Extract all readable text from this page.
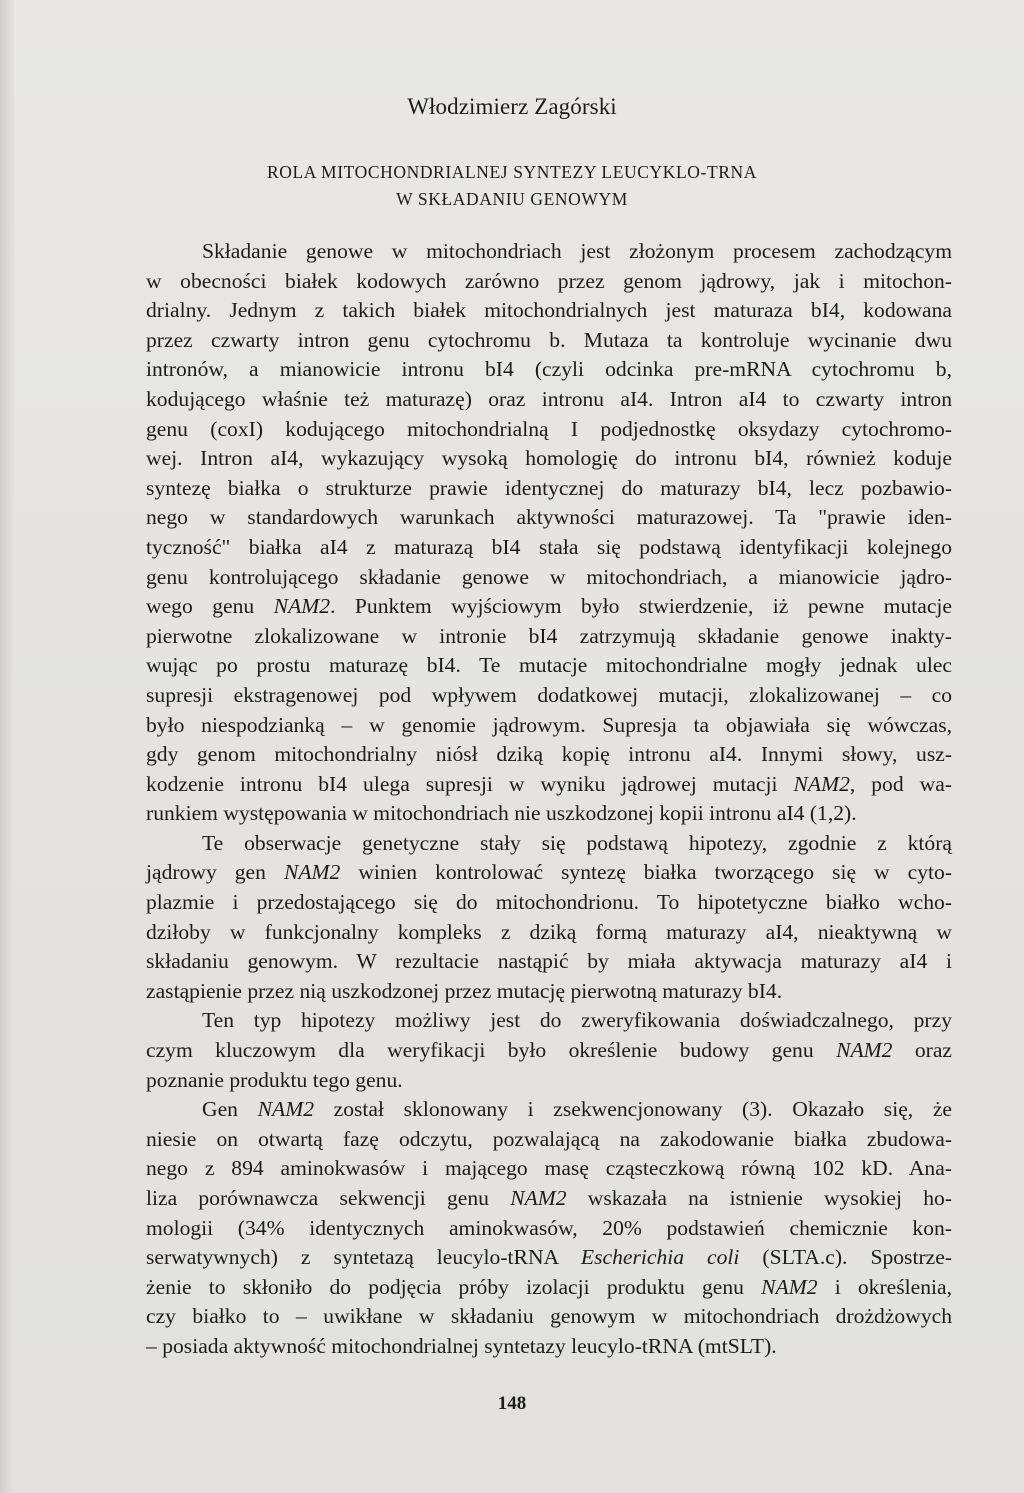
Włodzimierz Zagórski
ROLA MITOCHONDRIALNEJ SYNTEZY LEUCYKLO-TRNA
W SKŁADANIU GENOWYM
Składanie genowe w mitochondriach jest złożonym procesem zachodzącym
w obecności białek kodowych zarówno przez genom jądrowy, jak i mitochon-
drialny. Jednym z takich białek mitochondrialnych jest maturaza bI4, kodowana
przez czwarty intron genu cytochromu b. Mutaza ta kontroluje wycinanie dwu
intronów, a mianowicie intronu bI4 (czyli odcinka pre-mRNA cytochromu b,
kodującego właśnie też maturazę) oraz intronu aI4. Intron aI4 to czwarty intron
genu (coxI) kodującego mitochondrialną I podjednostkę oksydazy cytochromo-
wej. Intron aI4, wykazujący wysoką homologię do intronu bI4, również koduje
syntezę białka o strukturze prawie identycznej do maturazy bI4, lecz pozbawio-
nego w standardowych warunkach aktywności maturazowej. Ta "prawie iden-
tyczność" białka aI4 z maturazą bI4 stała się podstawą identyfikacji kolejnego
genu kontrolującego składanie genowe w mitochondriach, a mianowicie jądro-
wego genu NAM2. Punktem wyjściowym było stwierdzenie, iż pewne mutacje
pierwotne zlokalizowane w intronie bI4 zatrzymują składanie genowe inakty-
wując po prostu maturazę bI4. Te mutacje mitochondrialne mogły jednak ulec
supresji ekstragenowej pod wpływem dodatkowej mutacji, zlokalizowanej – co
było niespodzianką – w genomie jądrowym. Supresja ta objawiała się wówczas,
gdy genom mitochondrialny niósł dziką kopię intronu aI4. Innymi słowy, usz-
kodzenie intronu bI4 ulega supresji w wyniku jądrowej mutacji NAM2, pod wa-
runkiem występowania w mitochondriach nie uszkodzonej kopii intronu aI4 (1,2).
Te obserwacje genetyczne stały się podstawą hipotezy, zgodnie z którą
jądrowy gen NAM2 winien kontrolować syntezę białka tworzącego się w cyto-
plazmie i przedostającego się do mitochondrionu. To hipotetyczne białko wcho-
dziłoby w funkcjonalny kompleks z dziką formą maturazy aI4, nieaktywną w
składaniu genowym. W rezultacie nastąpić by miała aktywacja maturazy aI4 i
zastąpienie przez nią uszkodzonej przez mutację pierwotną maturazy bI4.
Ten typ hipotezy możliwy jest do zweryfikowania doświadczalnego, przy
czym kluczowym dla weryfikacji było określenie budowy genu NAM2 oraz
poznanie produktu tego genu.
Gen NAM2 został sklonowany i zsekwencjonowany (3). Okazało się, że
niesie on otwartą fazę odczytu, pozwalającą na zakodowanie białka zbudowa-
nego z 894 aminokwasów i mającego masę cząsteczkową równą 102 kD. Ana-
liza porównawcza sekwencji genu NAM2 wskazała na istnienie wysokiej ho-
mologii (34% identycznych aminokwasów, 20% podstawień chemicznie kon-
serwatywnych) z syntetazą leucylo-tRNA Escherichia coli (SLTA.c). Spostrze-
żenie to skłoniło do podjęcia próby izolacji produktu genu NAM2 i określenia,
czy białko to – uwikłane w składaniu genowym w mitochondriach drożdżowych
– posiada aktywność mitochondrialnej syntetazy leucylo-tRNA (mtSLT).
148
